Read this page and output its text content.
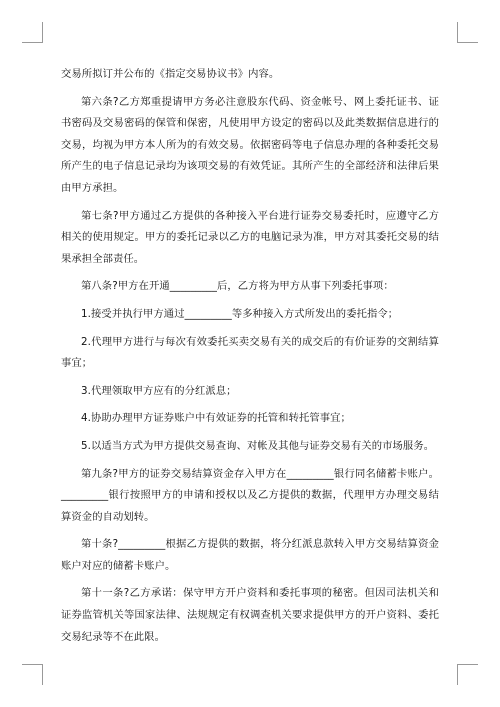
交易所拟订并公布的《指定交易协议书》内容。

第六条?乙方郑重提请甲方务必注意股东代码、资金帐号、网上委托证书、证书密码及交易密码的保管和保密，凡使用甲方设定的密码以及此类数据信息进行的交易，均视为甲方本人所为的有效交易。依据密码等电子信息办理的各种委托交易所产生的电子信息记录均为该项交易的有效凭证。其所产生的全部经济和法律后果由甲方承担。

第七条?甲方通过乙方提供的各种接入平台进行证券交易委托时，应遵守乙方相关的使用规定。甲方的委托记录以乙方的电脑记录为准，甲方对其委托交易的结果承担全部责任。

第八条?甲方在开通_________后，乙方将为甲方从事下列委托事项：

1.接受并执行甲方通过_________等多种接入方式所发出的委托指令；

2.代理甲方进行与每次有效委托买卖交易有关的成交后的有价证券的交割结算事宜；

3.代理领取甲方应有的分红派息；

4.协助办理甲方证券账户中有效证券的托管和转托管事宜；

5.以适当方式为甲方提供交易查询、对帐及其他与证券交易有关的市场服务。

第九条?甲方的证券交易结算资金存入甲方在_________银行同名储蓄卡账户。_________银行按照甲方的申请和授权以及乙方提供的数据，代理甲方办理交易结算资金的自动划转。

第十条?_________根据乙方提供的数据，将分红派息款转入甲方交易结算资金账户对应的储蓄卡账户。

第十一条?乙方承诺：保守甲方开户资料和委托事项的秘密。但因司法机关和证券监管机关等国家法律、法规规定有权调查机关要求提供甲方的开户资料、委托交易纪录等不在此限。
